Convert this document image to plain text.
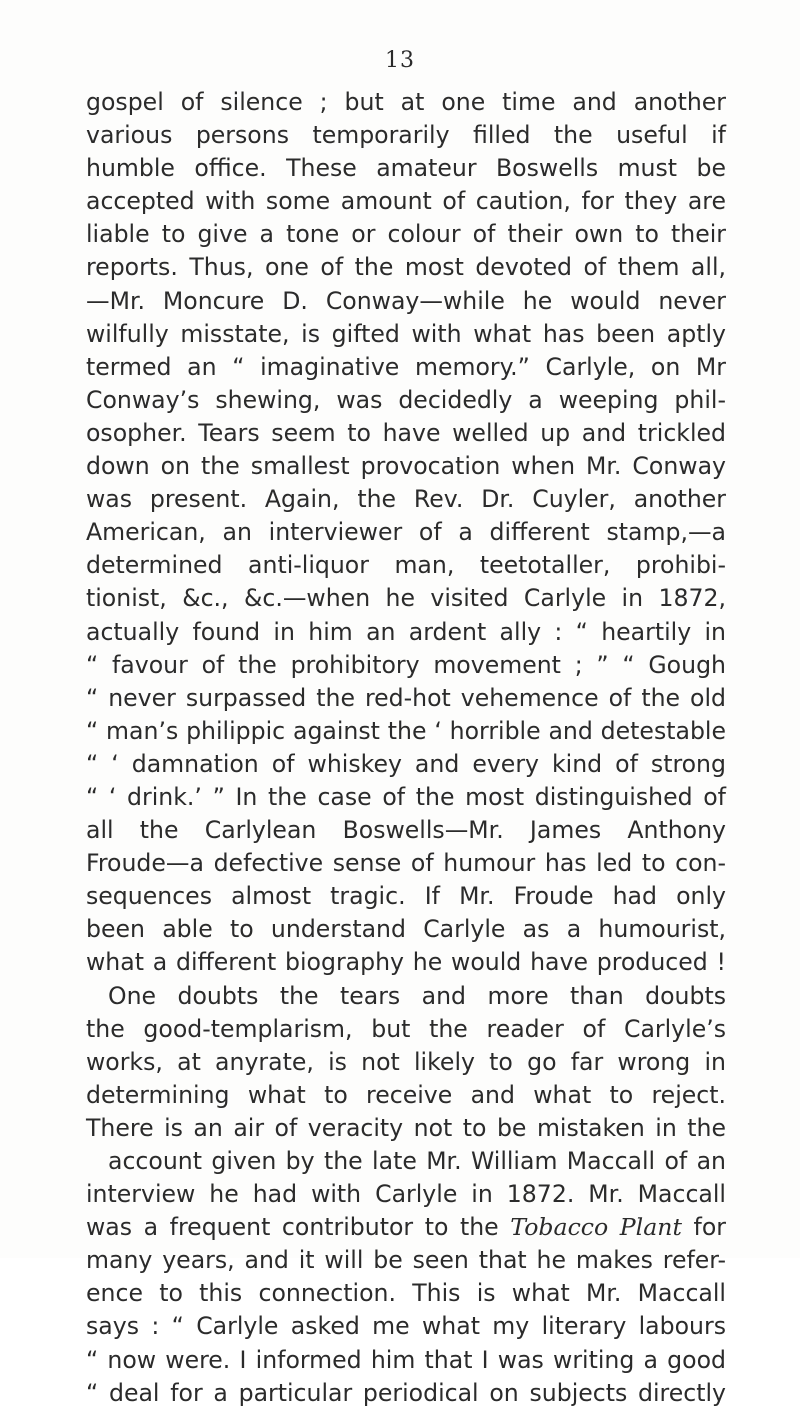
13
gospel of silence ; but at one time and another
various persons temporarily filled the useful if
humble office. These amateur Boswells must be
accepted with some amount of caution, for they are
liable to give a tone or colour of their own to their
reports. Thus, one of the most devoted of them all,
—Mr. Moncure D. Conway—while he would never
wilfully misstate, is gifted with what has been aptly
termed an “ imaginative memory.” Carlyle, on Mr
Conway’s shewing, was decidedly a weeping phil-
osopher. Tears seem to have welled up and trickled
down on the smallest provocation when Mr. Conway
was present. Again, the Rev. Dr. Cuyler, another
American, an interviewer of a different stamp,—a
determined anti-liquor man, teetotaller, prohibi-
tionist, &c., &c.—when he visited Carlyle in 1872,
actually found in him an ardent ally : “ heartily in
“ favour of the prohibitory movement ; ” “ Gough
“ never surpassed the red-hot vehemence of the old
“ man’s philippic against the ‘ horrible and detestable
“ ‘ damnation of whiskey and every kind of strong
“ ‘ drink.’ ” In the case of the most distinguished of
all the Carlylean Boswells—Mr. James Anthony
Froude—a defective sense of humour has led to con-
sequences almost tragic. If Mr. Froude had only
been able to understand Carlyle as a humourist,
what a different biography he would have produced !
One doubts the tears and more than doubts
the good-templarism, but the reader of Carlyle’s
works, at anyrate, is not likely to go far wrong in
determining what to receive and what to reject.
There is an air of veracity not to be mistaken in the
account given by the late Mr. William Maccall of an
interview he had with Carlyle in 1872. Mr. Maccall
was a frequent contributor to the Tobacco Plant for
many years, and it will be seen that he makes refer-
ence to this connection. This is what Mr. Maccall
says : “ Carlyle asked me what my literary labours
“ now were. I informed him that I was writing a good
“ deal for a particular periodical on subjects directly
